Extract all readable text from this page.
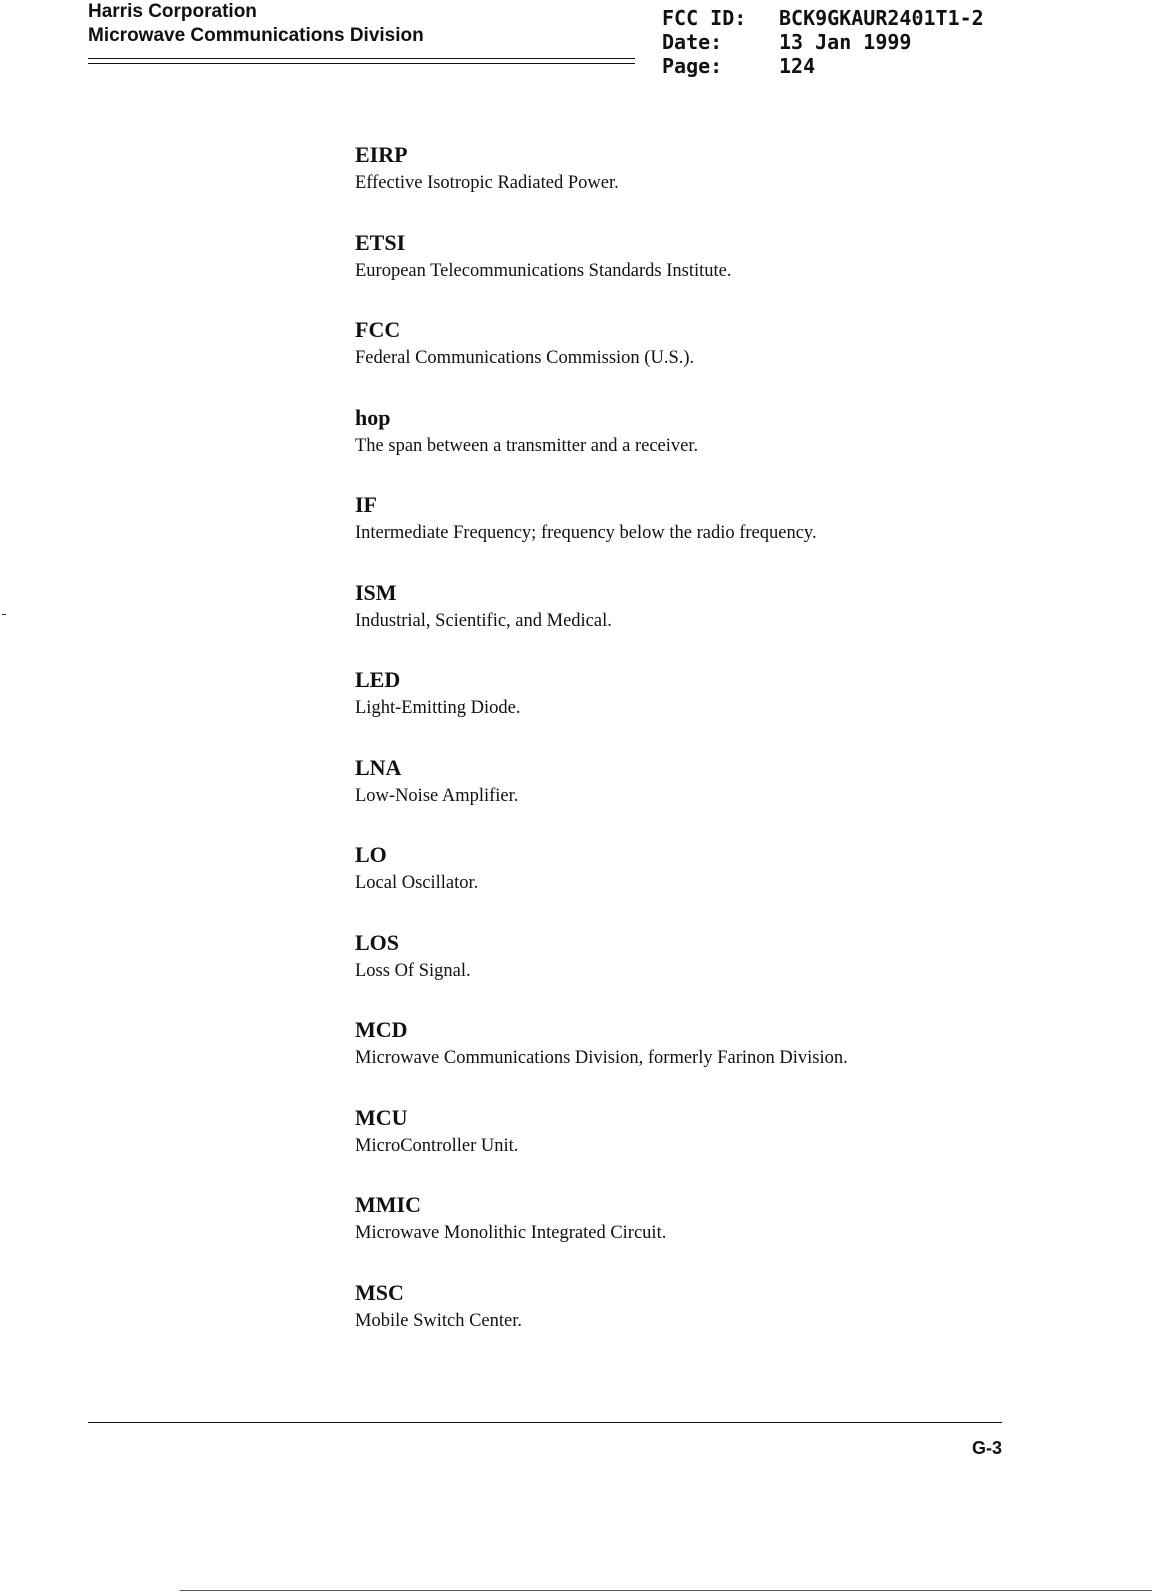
Harris Corporation
Microwave Communications Division
FCC ID:	BCK9GKAUR2401T1-2
Date:	13 Jan 1999
Page:	124
EIRP
Effective Isotropic Radiated Power.
ETSI
European Telecommunications Standards Institute.
FCC
Federal Communications Commission (U.S.).
hop
The span between a transmitter and a receiver.
IF
Intermediate Frequency; frequency below the radio frequency.
ISM
Industrial, Scientific, and Medical.
LED
Light-Emitting Diode.
LNA
Low-Noise Amplifier.
LO
Local Oscillator.
LOS
Loss Of Signal.
MCD
Microwave Communications Division, formerly Farinon Division.
MCU
MicroController Unit.
MMIC
Microwave Monolithic Integrated Circuit.
MSC
Mobile Switch Center.
G-3
